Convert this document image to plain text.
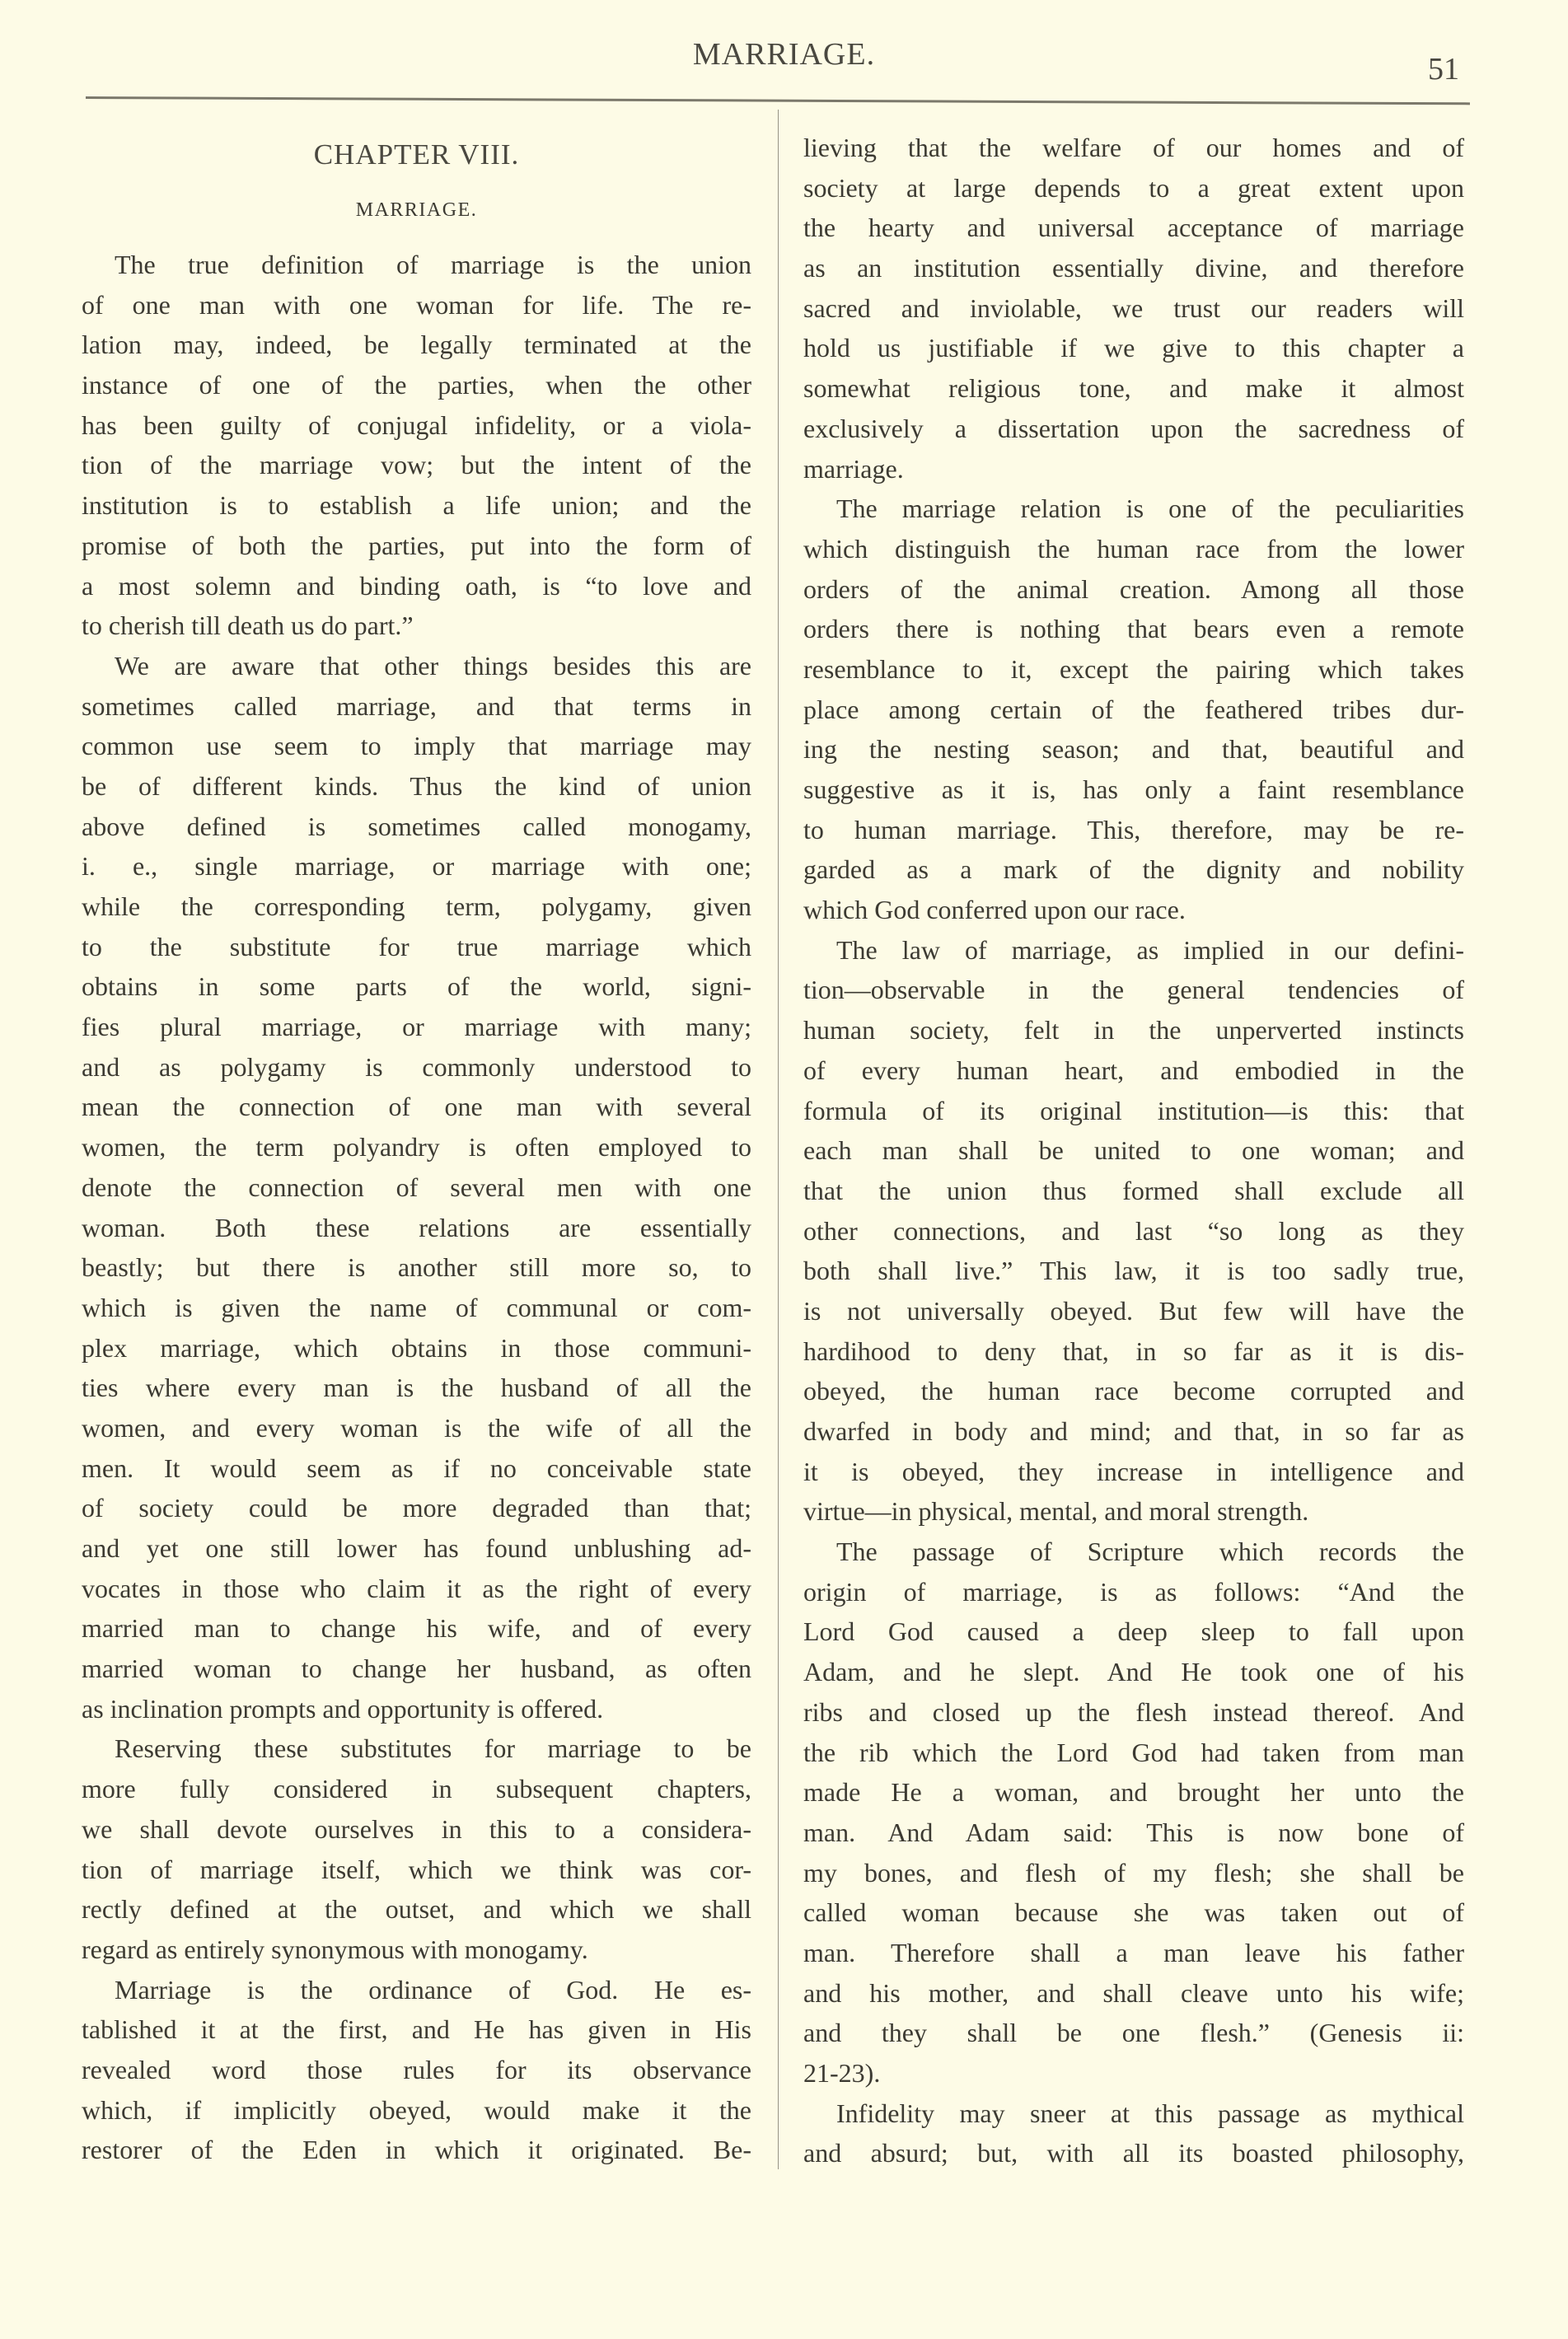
MARRIAGE.	51
CHAPTER VIII.
MARRIAGE.
The true definition of marriage is the union
of one man with one woman for life. The re-
lation may, indeed, be legally terminated at the
instance of one of the parties, when the other
has been guilty of conjugal infidelity, or a viola-
tion of the marriage vow; but the intent of the
institution is to establish a life union; and the
promise of both the parties, put into the form of
a most solemn and binding oath, is “to love and
to cherish till death us do part.”
We are aware that other things besides this are
sometimes called marriage, and that terms in
common use seem to imply that marriage may
be of different kinds. Thus the kind of union
above defined is sometimes called monogamy,
i. e., single marriage, or marriage with one;
while the corresponding term, polygamy, given
to the substitute for true marriage which
obtains in some parts of the world, signi-
fies plural marriage, or marriage with many;
and as polygamy is commonly understood to
mean the connection of one man with several
women, the term polyandry is often employed to
denote the connection of several men with one
woman. Both these relations are essentially
beastly; but there is another still more so, to
which is given the name of communal or com-
plex marriage, which obtains in those communi-
ties where every man is the husband of all the
women, and every woman is the wife of all the
men. It would seem as if no conceivable state
of society could be more degraded than that;
and yet one still lower has found unblushing ad-
vocates in those who claim it as the right of every
married man to change his wife, and of every
married woman to change her husband, as often
as inclination prompts and opportunity is offered.
Reserving these substitutes for marriage to be
more fully considered in subsequent chapters,
we shall devote ourselves in this to a considera-
tion of marriage itself, which we think was cor-
rectly defined at the outset, and which we shall
regard as entirely synonymous with monogamy.
Marriage is the ordinance of God. He es-
tablished it at the first, and He has given in His
revealed word those rules for its observance
which, if implicitly obeyed, would make it the
restorer of the Eden in which it originated. Be-
lieving that the welfare of our homes and of
society at large depends to a great extent upon
the hearty and universal acceptance of marriage
as an institution essentially divine, and therefore
sacred and inviolable, we trust our readers will
hold us justifiable if we give to this chapter a
somewhat religious tone, and make it almost
exclusively a dissertation upon the sacredness of
marriage.
The marriage relation is one of the peculiarities
which distinguish the human race from the lower
orders of the animal creation. Among all those
orders there is nothing that bears even a remote
resemblance to it, except the pairing which takes
place among certain of the feathered tribes dur-
ing the nesting season; and that, beautiful and
suggestive as it is, has only a faint resemblance
to human marriage. This, therefore, may be re-
garded as a mark of the dignity and nobility
which God conferred upon our race.
The law of marriage, as implied in our defini-
tion—observable in the general tendencies of
human society, felt in the unperverted instincts
of every human heart, and embodied in the
formula of its original institution—is this: that
each man shall be united to one woman; and
that the union thus formed shall exclude all
other connections, and last “so long as they
both shall live.” This law, it is too sadly true,
is not universally obeyed. But few will have the
hardihood to deny that, in so far as it is dis-
obeyed, the human race become corrupted and
dwarfed in body and mind; and that, in so far as
it is obeyed, they increase in intelligence and
virtue—in physical, mental, and moral strength.
The passage of Scripture which records the
origin of marriage, is as follows: “And the
Lord God caused a deep sleep to fall upon
Adam, and he slept. And He took one of his
ribs and closed up the flesh instead thereof. And
the rib which the Lord God had taken from man
made He a woman, and brought her unto the
man. And Adam said: This is now bone of
my bones, and flesh of my flesh; she shall be
called woman because she was taken out of
man. Therefore shall a man leave his father
and his mother, and shall cleave unto his wife;
and they shall be one flesh.” (Genesis ii:
21-23).
Infidelity may sneer at this passage as mythical
and absurd; but, with all its boasted philosophy,
